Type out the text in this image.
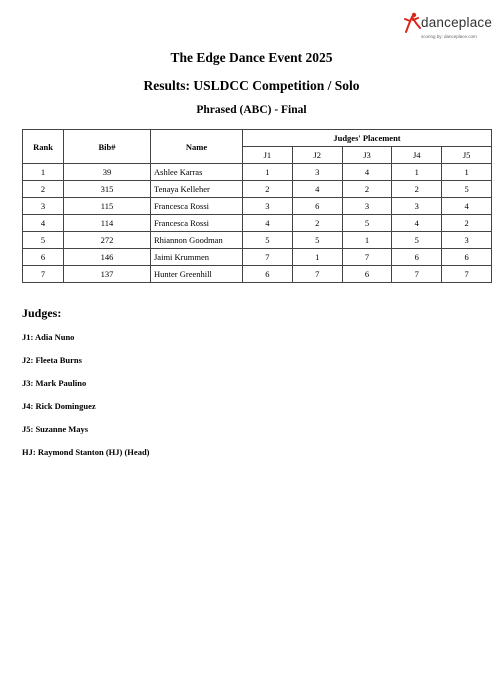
danceplace
scoring by: danceplace.com
The Edge Dance Event 2025
Results: USLDCC Competition / Solo
Phrased (ABC) - Final
Rank	Bib#	Name	Judges' Placement				
			J1	J2	J3	J4	J5
1	39	Ashlee Karras	1	3	4	1	1
2	315	Tenaya Kelleher	2	4	2	2	5
3	115	Francesca Rossi	3	6	3	3	4
4	114	Francesca Rossi	4	2	5	4	2
5	272	Rhiannon Goodman	5	5	1	5	3
6	146	Jaimi Krummen	7	1	7	6	6
7	137	Hunter Greenhill	6	7	6	7	7
Judges:
J1: Adia Nuno
J2: Fleeta Burns
J3: Mark Paulino
J4: Rick Dominguez
J5: Suzanne Mays
HJ: Raymond Stanton (HJ) (Head)
